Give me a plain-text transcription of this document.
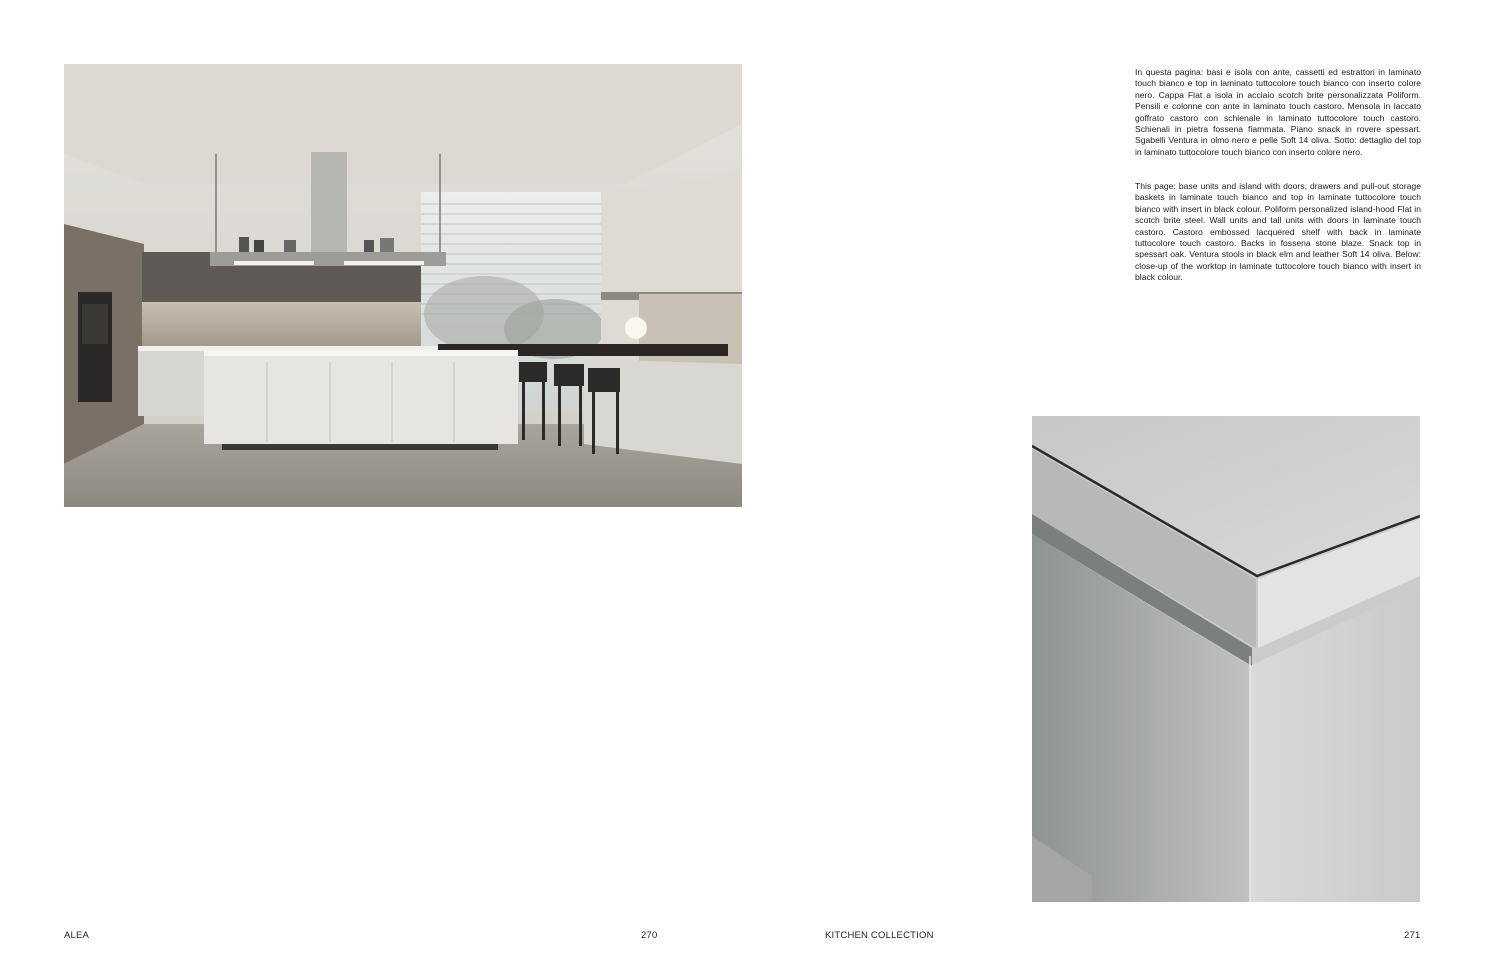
In questa pagina: basi e isola con ante, cassetti ed estrattori in laminato touch bianco e top in laminato tuttocolore touch bianco con inserto colore nero. Cappa Flat a isola in acciaio scotch brite personalizzata Poliform. Pensili e colonne con ante in laminato touch castoro. Mensola in laccato goffrato castoro con schienale in laminato tuttocolore touch castoro. Schienali in pietra fossena fiammata. Piano snack in rovere spessart. Sgabelli Ventura in olmo nero e pelle Soft 14 oliva. Sotto: dettaglio del top in laminato tuttocolore touch bianco con inserto colore nero.

This page: base units and island with doors, drawers and pull-out storage baskets in laminate touch bianco and top in laminate tuttocolore touch bianco with insert in black colour. Poliform personalized island-hood Flat in scotch brite steel. Wall units and tall units with doors in laminate touch castoro. Castoro embossed lacquered shelf with back in laminate tuttocolore touch castoro. Backs in fossena stone blaze. Snack top in spessart oak. Ventura stools in black elm and leather Soft 14 oliva. Below: close-up of the worktop in laminate tuttocolore touch bianco with insert in black colour.

ALEA	270	KITCHEN COLLECTION	271
